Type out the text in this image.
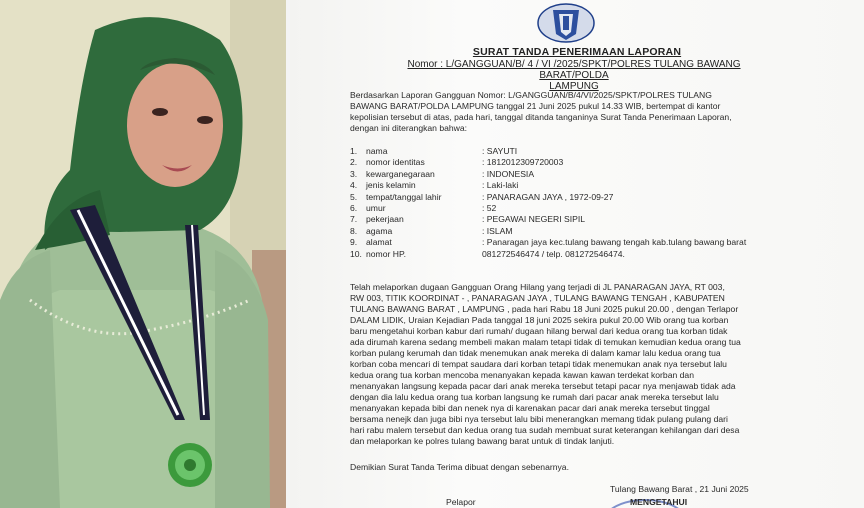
SURAT TANDA PENERIMAAN LAPORAN
Nomor : L/GANGGUAN/B/ 4 / VI /2025/SPKT/POLRES TULANG BAWANG BARAT/POLDA
LAMPUNG
Berdasarkan Laporan Gangguan Nomor: L/GANGGUAN/B/4/VI/2025/SPKT/POLRES TULANG
BAWANG BARAT/POLDA LAMPUNG tanggal 21 Juni 2025 pukul 14.33 WIB, bertempat di kantor
kepolisian tersebut di atas, pada hari, tanggal ditanda tanganinya Surat Tanda Penerimaan Laporan,
dengan ini diterangkan bahwa:
1.	nama	: SAYUTI
2.	nomor identitas	: 1812012309720003
3.	kewarganegaraan	: INDONESIA
4.	jenis kelamin	: Laki-laki
5.	tempat/tanggal lahir	: PANARAGAN JAYA , 1972-09-27
6.	umur	: 52
7.	pekerjaan	: PEGAWAI NEGERI SIPIL
8.	agama	: ISLAM
9.	alamat	: Panaragan jaya kec.tulang bawang tengah kab.tulang bawang barat
10. nomor HP.	081272546474 / telp. 081272546474.
Telah melaporkan dugaan Gangguan Orang Hilang yang terjadi di JL PANARAGAN JAYA, RT 003,
RW 003, TITIK KOORDINAT - , PANARAGAN JAYA , TULANG BAWANG TENGAH , KABUPATEN
TULANG BAWANG BARAT , LAMPUNG , pada hari Rabu 18 Juni 2025 pukul 20.00 , dengan Terlapor
DALAM LIDIK, Uraian Kejadian Pada tanggal 18 juni 2025 sekira pukul 20.00 Wib orang tua korban
baru mengetahui korban kabur dari rumah/ dugaan hilang berwal dari kedua orang tua korban tidak
ada dirumah karena sedang membeli makan malam tetapi tidak di temukan kemudian kedua orang tua
korban pulang kerumah dan tidak menemukan anak mereka di dalam kamar lalu kedua orang tua
korban coba mencari di tempat saudara dari korban tetapi tidak menemukan anak nya tersebut lalu
kedua orang tua korban mencoba menanyakan kepada kawan kawan terdekat korban dan
menanyakan langsung kepada pacar dari anak mereka tersebut tetapi pacar nya menjawab tidak ada
dengan dia lalu kedua orang tua korban langsung ke rumah dari pacar anak mereka tersebut lalu
menanyakan kepada bibi dan nenek nya di karenakan pacar dari anak mereka tersebut tinggal
bersama nenejk dan juga bibi nya tersebut lalu bibi menerangkan memang tidak pulang pulang dari
hari rabu malem tersebut dan kedua orang tua sudah membuat surat keterangan kehilangan dari desa
dan melaporkan ke polres tulang bawang barat untuk di tindak lanjuti.
Demikian Surat Tanda Terima dibuat dengan sebenarnya.
Tulang Bawang Barat , 21 Juni 2025
Pelapor	MENGETAHUI
